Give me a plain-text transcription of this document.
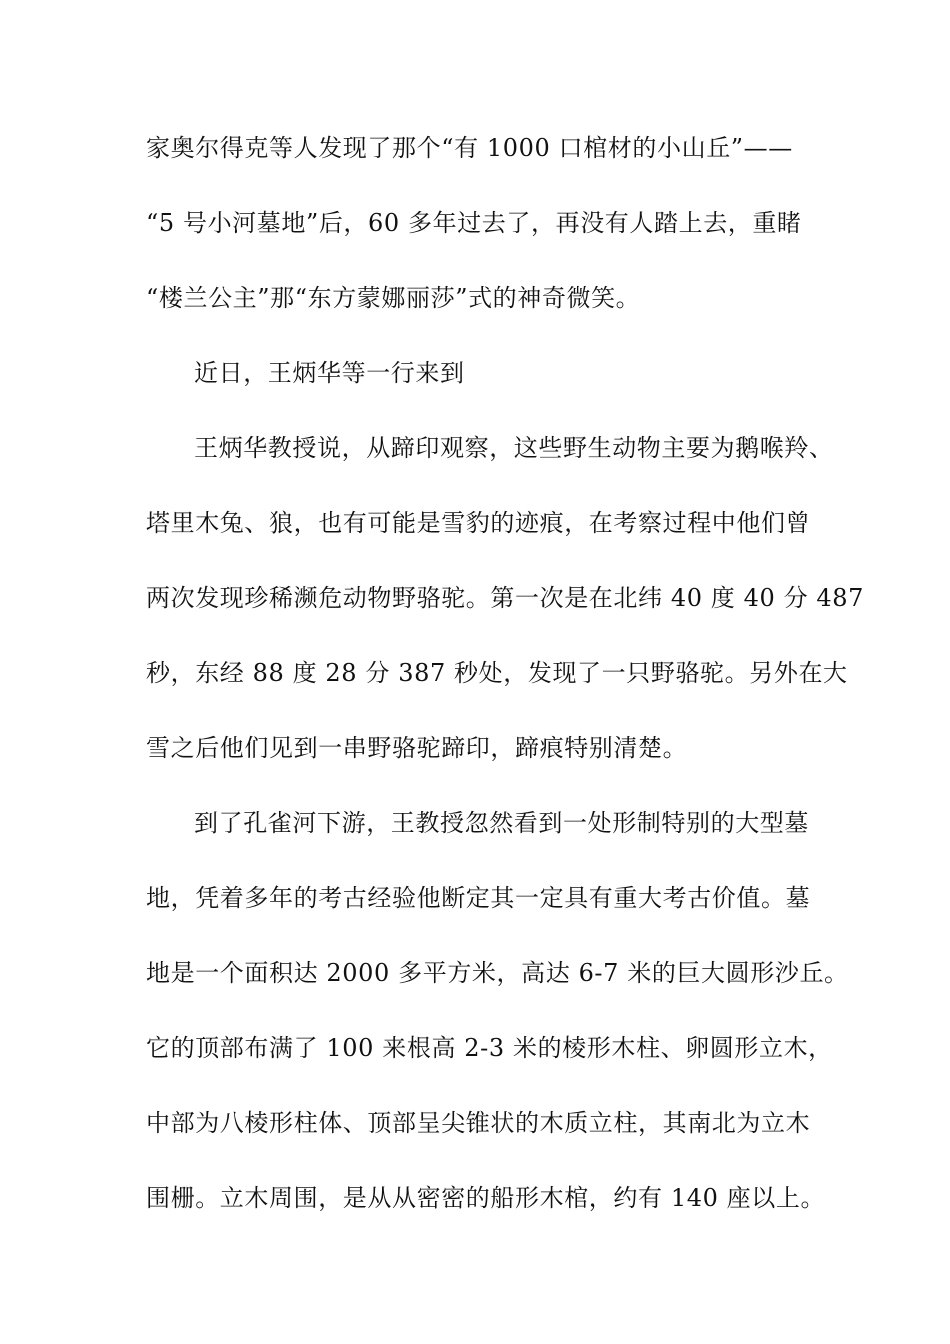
家奥尔得克等人发现了那个“有 1000 口棺材的小山丘”——
“5 号小河墓地”后，60 多年过去了，再没有人踏上去，重睹
“楼兰公主”那“东方蒙娜丽莎”式的神奇微笑。
近日，王炳华等一行来到
王炳华教授说，从蹄印观察，这些野生动物主要为鹅喉羚、
塔里木兔、狼，也有可能是雪豹的迹痕，在考察过程中他们曾
两次发现珍稀濒危动物野骆驼。第一次是在北纬 40 度 40 分 487
秒，东经 88 度 28 分 387 秒处，发现了一只野骆驼。另外在大
雪之后他们见到一串野骆驼蹄印，蹄痕特别清楚。
到了孔雀河下游，王教授忽然看到一处形制特别的大型墓
地，凭着多年的考古经验他断定其一定具有重大考古价值。墓
地是一个面积达 2000 多平方米，高达 6-7 米的巨大圆形沙丘。
它的顶部布满了 100 来根高 2-3 米的棱形木柱、卵圆形立木，
中部为八棱形柱体、顶部呈尖锥状的木质立柱，其南北为立木
围栅。立木周围，是从从密密的船形木棺，约有 140 座以上。
